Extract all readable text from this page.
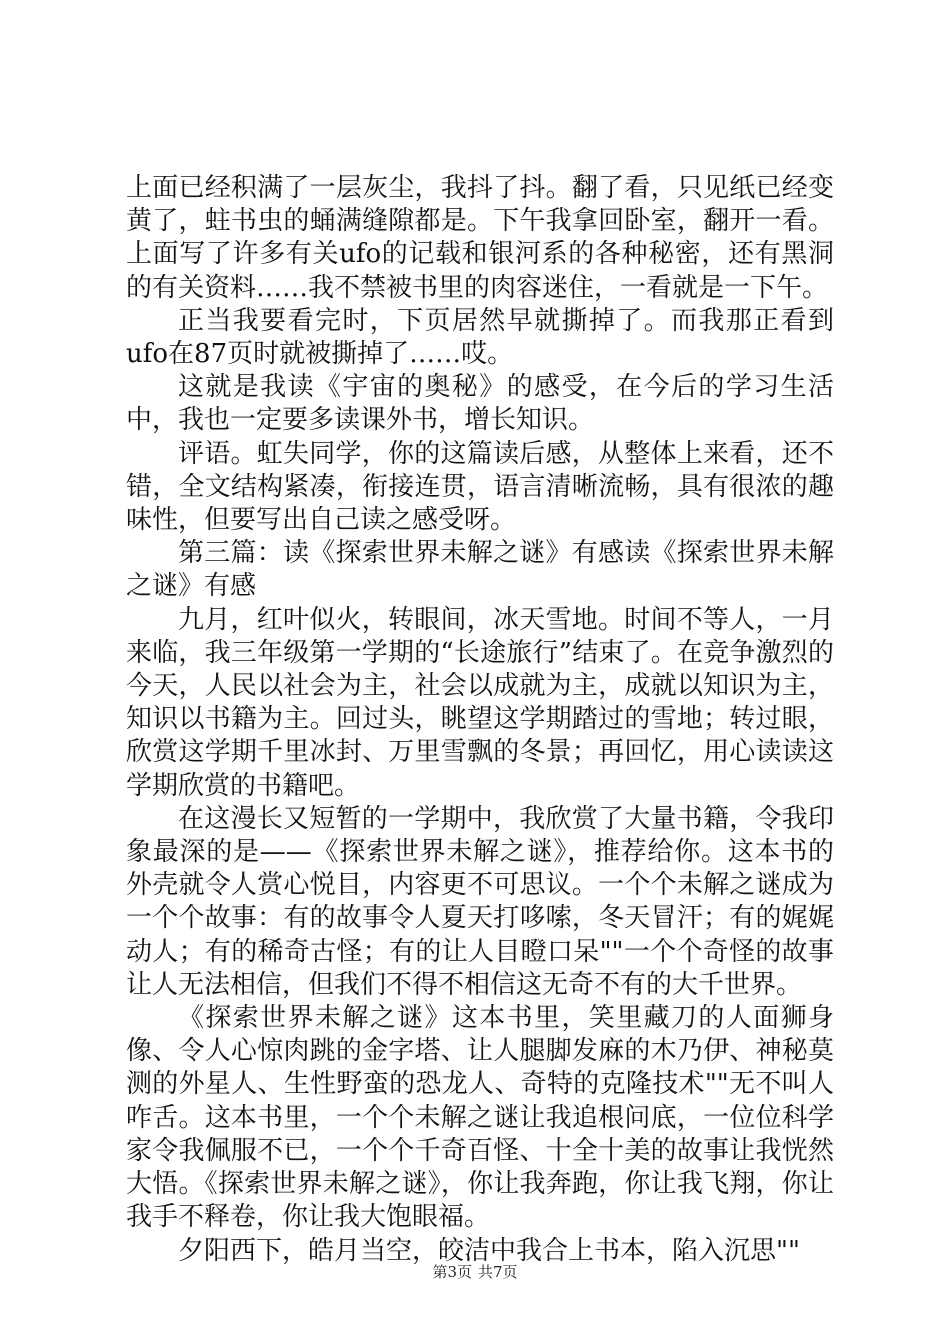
上面已经积满了一层灰尘，我抖了抖。翻了看，只见纸已经变黄了，蛀书虫的蛹满缝隙都是。下午我拿回卧室，翻开一看。上面写了许多有关ufo的记载和银河系的各种秘密，还有黑洞的有关资料……我不禁被书里的肉容迷住，一看就是一下午。

正当我要看完时，下页居然早就撕掉了。而我那正看到ufo在87页时就被撕掉了……哎。

这就是我读《宇宙的奥秘》的感受，在今后的学习生活中，我也一定要多读课外书，增长知识。

评语。虹失同学，你的这篇读后感，从整体上来看，还不错，全文结构紧凑，衔接连贯，语言清晰流畅，具有很浓的趣味性，但要写出自己读之感受呀。

第三篇：读《探索世界未解之谜》有感读《探索世界未解之谜》有感

九月，红叶似火，转眼间，冰天雪地。时间不等人，一月来临，我三年级第一学期的“长途旅行”结束了。在竞争激烈的今天，人民以社会为主，社会以成就为主，成就以知识为主，知识以书籍为主。回过头，眺望这学期踏过的雪地；转过眼，欣赏这学期千里冰封、万里雪飘的冬景；再回忆，用心读读这学期欣赏的书籍吧。

在这漫长又短暂的一学期中，我欣赏了大量书籍，令我印象最深的是——《探索世界未解之谜》，推荐给你。这本书的外壳就令人赏心悦目，内容更不可思议。一个个未解之谜成为一个个故事：有的故事令人夏天打哆嗦，冬天冒汗；有的娓娓动人；有的稀奇古怪；有的让人目瞪口呆""一个个奇怪的故事让人无法相信，但我们不得不相信这无奇不有的大千世界。

《探索世界未解之谜》这本书里，笑里藏刀的人面狮身像、令人心惊肉跳的金字塔、让人腿脚发麻的木乃伊、神秘莫测的外星人、生性野蛮的恐龙人、奇特的克隆技术""无不叫人咋舌。这本书里，一个个未解之谜让我追根问底，一位位科学家令我佩服不已，一个个千奇百怪、十全十美的故事让我恍然大悟。《探索世界未解之谜》，你让我奔跑，你让我飞翔，你让我手不释卷，你让我大饱眼福。

夕阳西下，皓月当空，皎洁中我合上书本，陷入沉思""

第3页 共7页
